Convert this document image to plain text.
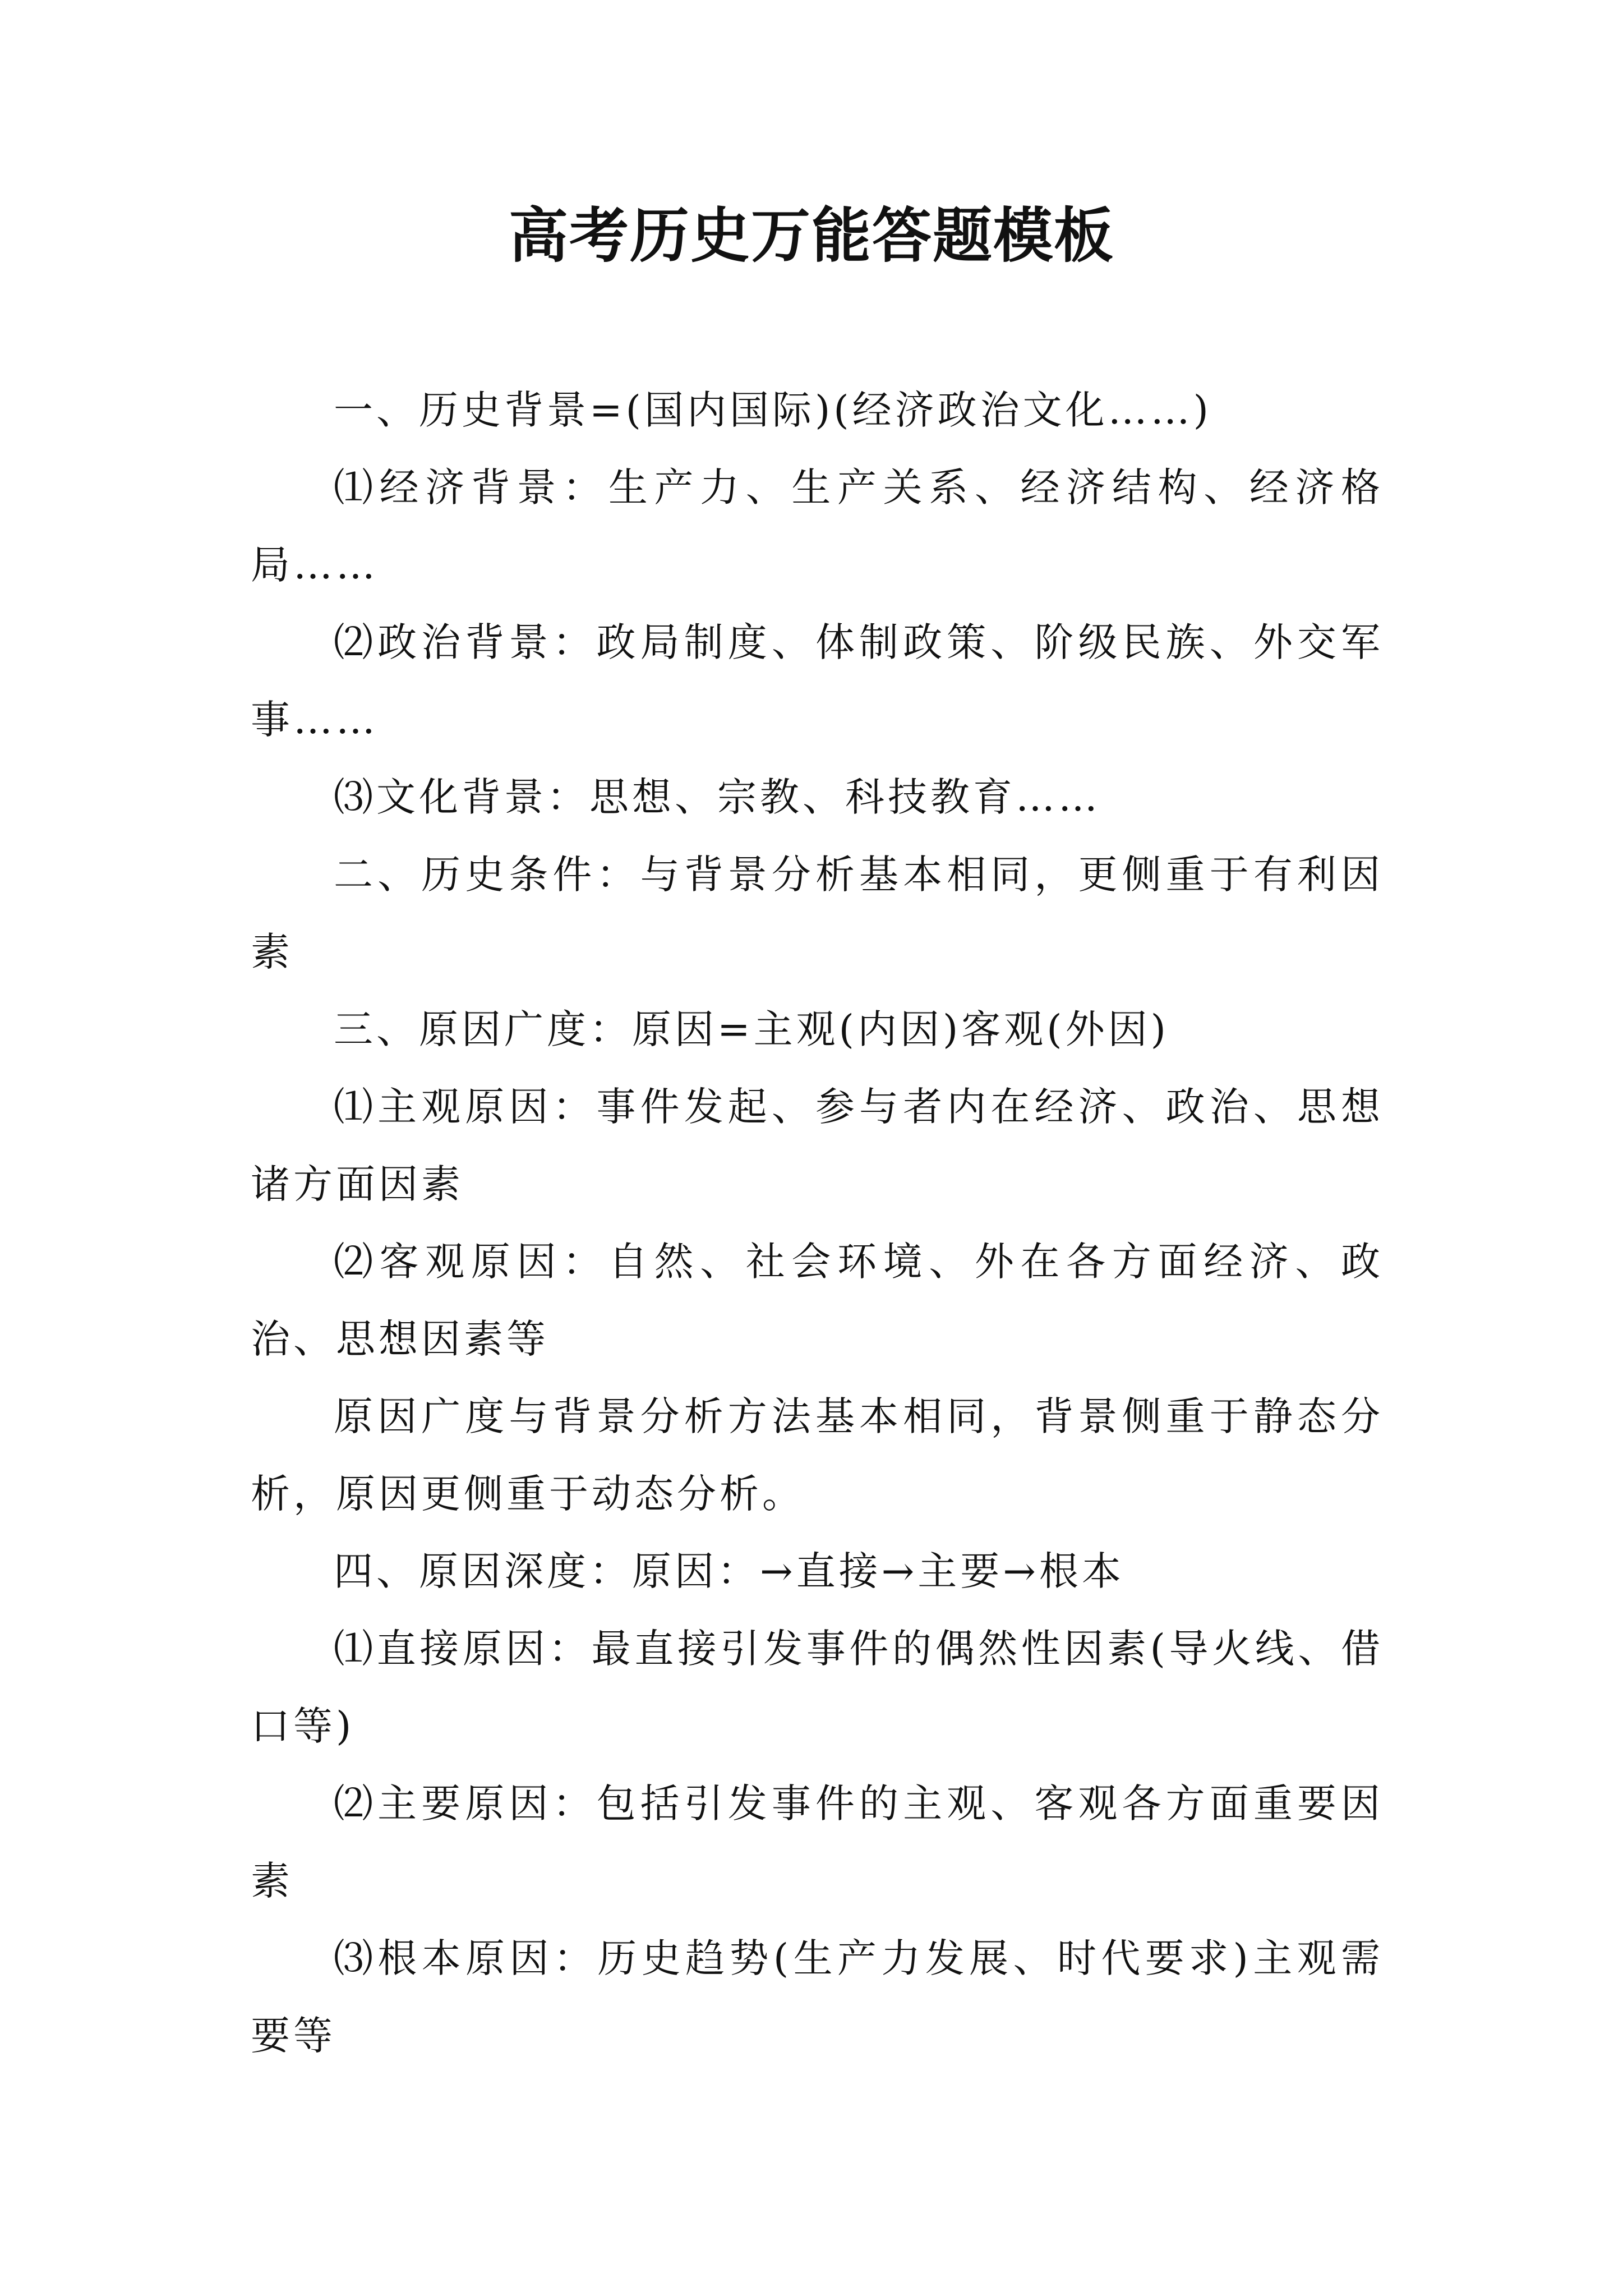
高考历史万能答题模板

一、历史背景=(国内国际)(经济政治文化……)

⑴经济背景：生产力、生产关系、经济结构、经济格局……

⑵政治背景：政局制度、体制政策、阶级民族、外交军事……

⑶文化背景：思想、宗教、科技教育……

二、历史条件：与背景分析基本相同，更侧重于有利因素

三、原因广度：原因=主观(内因)客观(外因)

⑴主观原因：事件发起、参与者内在经济、政治、思想诸方面因素

⑵客观原因：自然、社会环境、外在各方面经济、政治、思想因素等

原因广度与背景分析方法基本相同，背景侧重于静态分析，原因更侧重于动态分析。

四、原因深度：原因：→直接→主要→根本

⑴直接原因：最直接引发事件的偶然性因素(导火线、借口等)

⑵主要原因：包括引发事件的主观、客观各方面重要因素

⑶根本原因：历史趋势(生产力发展、时代要求)主观需要等
